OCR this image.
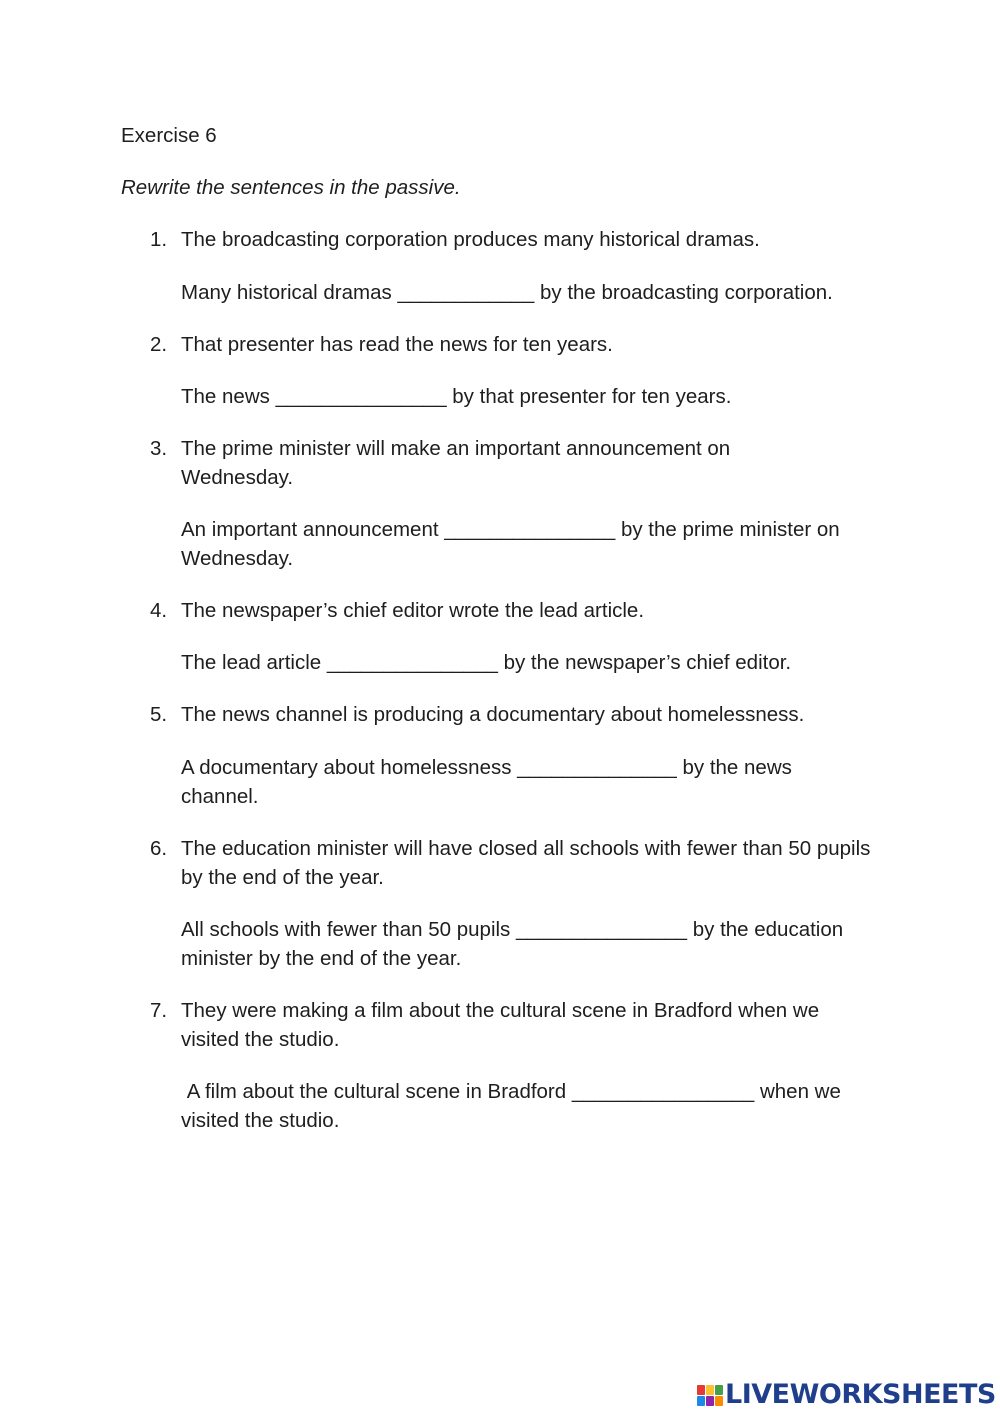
Exercise 6

Rewrite the sentences in the passive.

1. The broadcasting corporation produces many historical dramas.

Many historical dramas ____________ by the broadcasting corporation.

2. That presenter has read the news for ten years.

The news _______________ by that presenter for ten years.

3. The prime minister will make an important announcement on Wednesday.

An important announcement _______________ by the prime minister on Wednesday.

4. The newspaper’s chief editor wrote the lead article.

The lead article _______________ by the newspaper’s chief editor.

5. The news channel is producing a documentary about homelessness.

A documentary about homelessness ______________ by the news channel.

6. The education minister will have closed all schools with fewer than 50 pupils by the end of the year.

All schools with fewer than 50 pupils _______________ by the education minister by the end of the year.

7. They were making a film about the cultural scene in Bradford when we visited the studio.

A film about the cultural scene in Bradford ________________ when we visited the studio.

LIVEWORKSHEETS
